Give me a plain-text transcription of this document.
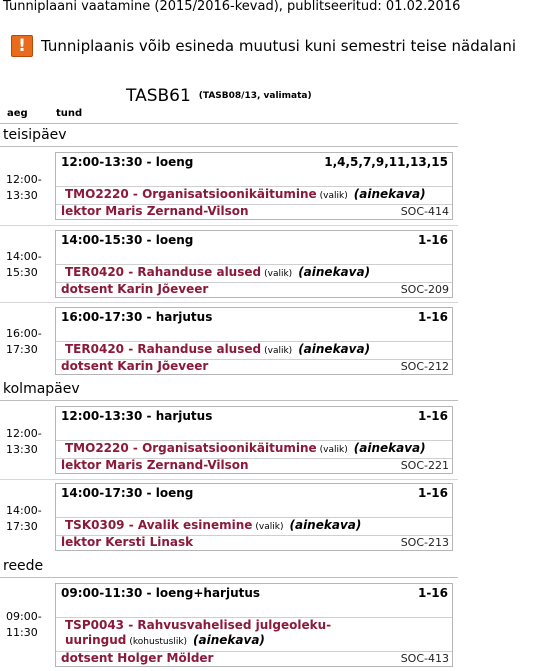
Tunniplaani vaatamine (2015/2016-kevad), publitseeritud: 01.02.2016
!	Tunniplaanis võib esineda muutusi kuni semestri teise nädalani
TASB61 (TASB08/13, valimata)
aeg	tund
teisipäev
12:00-
13:30
12:00-13:30 - loeng	1,4,5,7,9,11,13,15
TMO2220 - Organisatsioonikäitumine (valik) (ainekava)
lektor Maris Zernand-Vilson	SOC-414
14:00-
15:30
14:00-15:30 - loeng	1-16
TER0420 - Rahanduse alused (valik) (ainekava)
dotsent Karin Jõeveer	SOC-209
16:00-
17:30
16:00-17:30 - harjutus	1-16
TER0420 - Rahanduse alused (valik) (ainekava)
dotsent Karin Jõeveer	SOC-212
kolmapäev
12:00-
13:30
12:00-13:30 - harjutus	1-16
TMO2220 - Organisatsioonikäitumine (valik) (ainekava)
lektor Maris Zernand-Vilson	SOC-221
14:00-
17:30
14:00-17:30 - loeng	1-16
TSK0309 - Avalik esinemine (valik) (ainekava)
lektor Kersti Linask	SOC-213
reede
09:00-
11:30
09:00-11:30 - loeng+harjutus	1-16
TSP0043 - Rahvusvahelised julgeoleku-
uuringud (kohustuslik) (ainekava)
dotsent Holger Mölder	SOC-413
